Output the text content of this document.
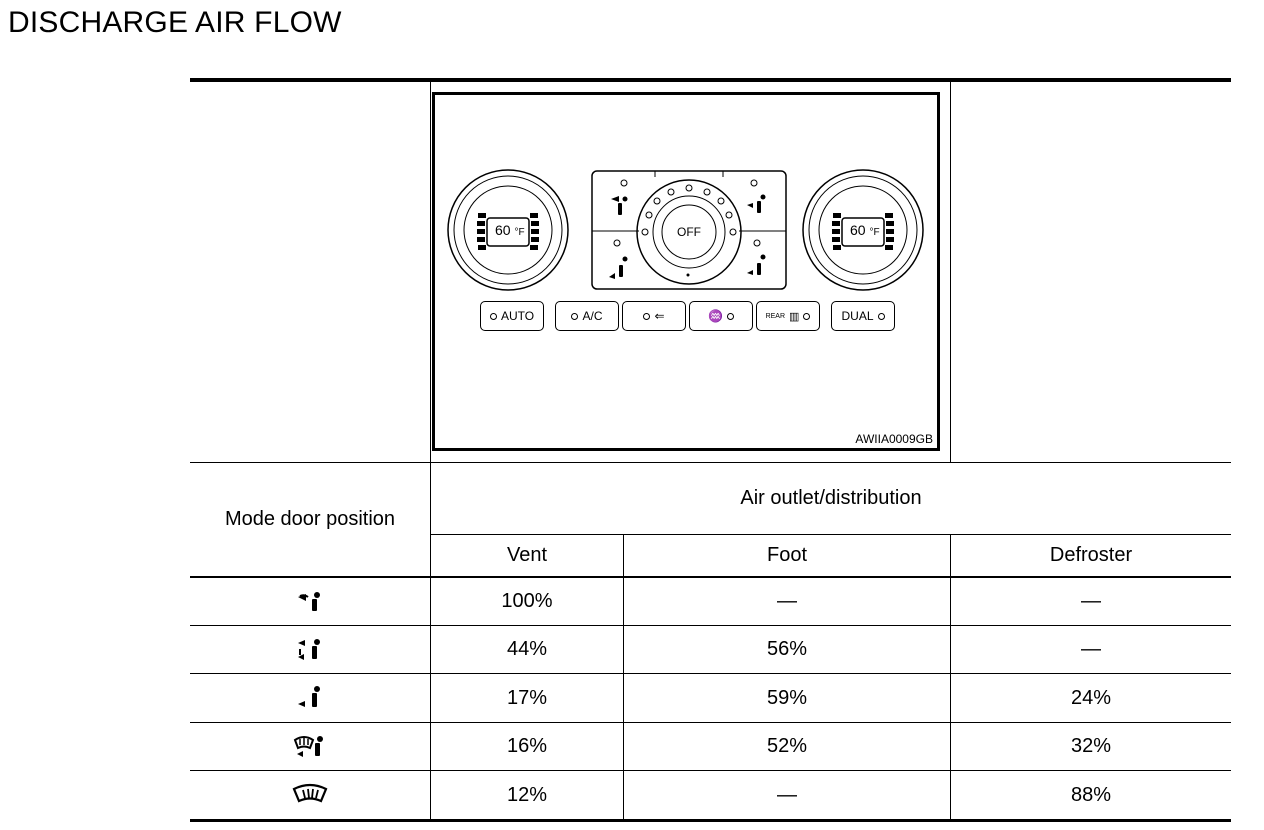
DISCHARGE AIR FLOW
60 °F	60 °F
OFF
AUTO	A/C	⇐	♒	REAR ▥	DUAL
AWIIA0009GB
Mode door position
Air outlet/distribution
Vent	Foot	Defroster
100%	—	—
44%	56%	—
17%	59%	24%
16%	52%	32%
12%	—	88%
